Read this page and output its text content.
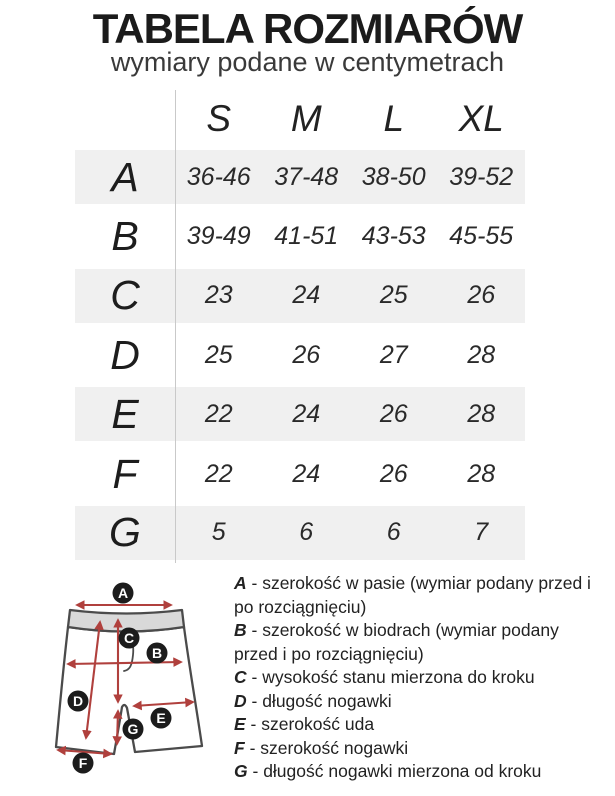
TABELA ROZMIARÓW
wymiary podane w centymetrach
S	M	L	XL
A	36-46 37-48 38-50 39-52
B	39-49 41-51 43-53 45-55
C	23	24	25	26
D	25	26	27	28
E	22	24	26	28
F	22	24	26	28
G	5	6	6	7
A
C
B
D
E
G
F
A - szerokość w pasie (wymiar podany przed i po rozciągnięciu)
B - szerokość w biodrach (wymiar podany przed i po rozciągnięciu)
C - wysokość stanu mierzona do kroku
D - długość nogawki
E - szerokość uda
F - szerokość nogawki
G - długość nogawki mierzona od kroku
